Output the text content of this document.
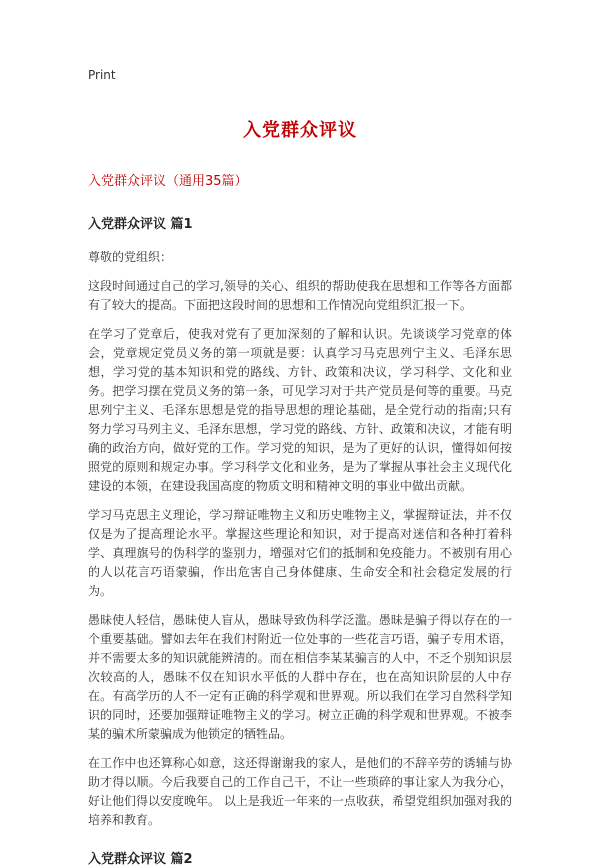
Print
入党群众评议
入党群众评议（通用35篇）
入党群众评议 篇1

尊敬的党组织：

这段时间通过自己的学习,领导的关心、组织的帮助使我在思想和工作等各方面都有了较大的提高。下面把这段时间的思想和工作情况向党组织汇报一下。

在学习了党章后，使我对党有了更加深刻的了解和认识。先谈谈学习党章的体会，党章规定党员义务的第一项就是要：认真学习马克思列宁主义、毛泽东思想，学习党的基本知识和党的路线、方针、政策和决议，学习科学、文化和业务。把学习摆在党员义务的第一条，可见学习对于共产党员是何等的重要。马克思列宁主义、毛泽东思想是党的指导思想的理论基础，是全党行动的指南;只有努力学习马列主义、毛泽东思想，学习党的路线、方针、政策和决议，才能有明确的政治方向，做好党的工作。学习党的知识，是为了更好的认识，懂得如何按照党的原则和规定办事。学习科学文化和业务，是为了掌握从事社会主义现代化建设的本领，在建设我国高度的物质文明和精神文明的事业中做出贡献。

学习马克思主义理论，学习辩证唯物主义和历史唯物主义，掌握辩证法，并不仅仅是为了提高理论水平。掌握这些理论和知识，对于提高对迷信和各种打着科学、真理旗号的伪科学的鉴别力，增强对它们的抵制和免疫能力。不被别有用心的人以花言巧语蒙骗，作出危害自己身体健康、生命安全和社会稳定发展的行为。

愚昧使人轻信，愚昧使人盲从，愚昧导致伪科学泛滥。愚昧是骗子得以存在的一个重要基础。譬如去年在我们村附近一位处事的一些花言巧语，骗子专用术语，并不需要太多的知识就能辨清的。而在相信李某某骗言的人中，不乏个别知识层次较高的人，愚昧不仅在知识水平低的人群中存在，也在高知识阶层的人中存在。有高学历的人不一定有正确的科学观和世界观。所以我们在学习自然科学知识的同时，还要加强辩证唯物主义的学习。树立正确的科学观和世界观。不被李某的骗术所蒙骗成为他锁定的牺牲品。

在工作中也还算称心如意，这还得谢谢我的家人，是他们的不辞辛劳的诱辅与协助才得以顺。今后我要自己的工作自己干，不让一些琐碎的事让家人为我分心，好让他们得以安度晚年。 以上是我近一年来的一点收获，希望党组织加强对我的培养和教育。

入党群众评议 篇2
